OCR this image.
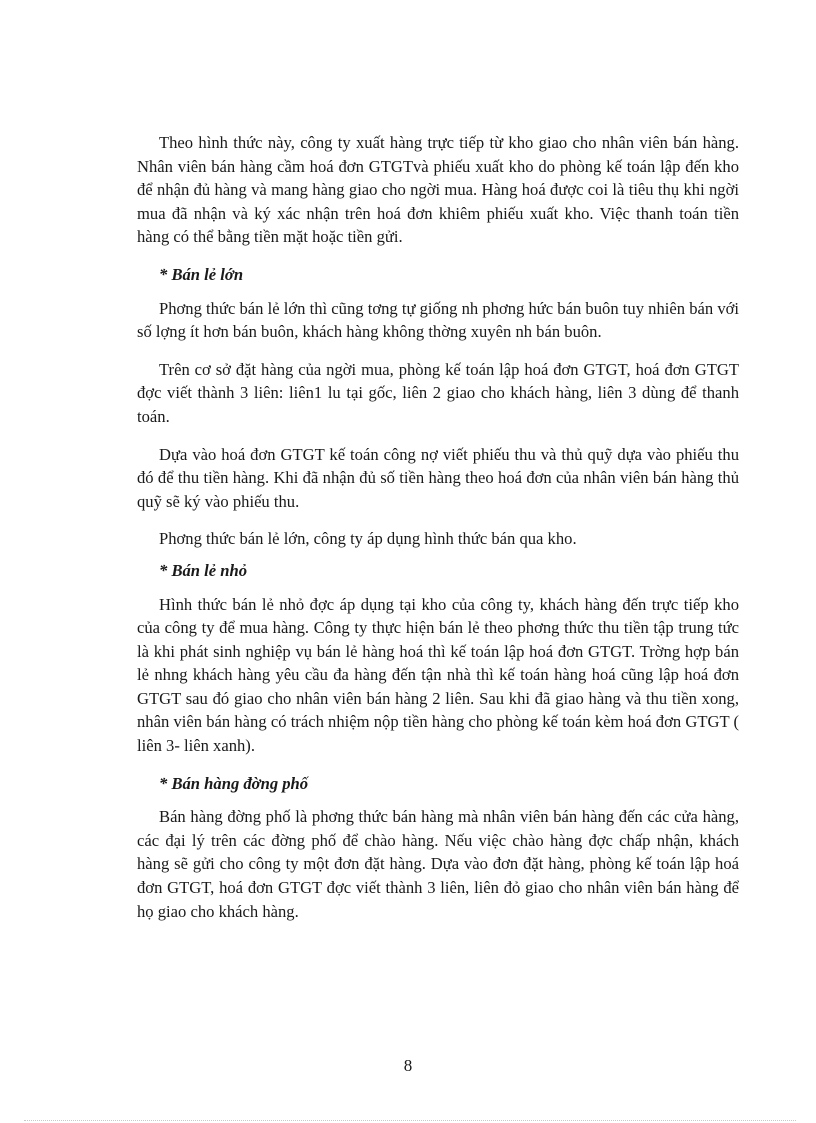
Theo hình thức này, công ty xuất hàng trực tiếp từ kho giao cho nhân viên bán hàng. Nhân viên bán hàng cầm hoá đơn GTGTvà phiếu xuất kho do phòng kế toán lập đến kho để nhận đủ hàng và mang hàng giao cho ngời mua. Hàng hoá được coi là tiêu thụ khi ngời mua đã nhận và ký xác nhận trên hoá đơn khiêm phiếu xuất kho. Việc thanh toán tiền hàng có thể bằng tiền mặt hoặc tiền gửi.

* Bán lẻ lớn

Phơng thức bán lẻ lớn thì cũng tơng tự giống nh phơng hức bán buôn tuy nhiên bán với số lợng ít hơn bán buôn, khách hàng không thờng xuyên nh bán buôn.

Trên cơ sở đặt hàng của ngời mua, phòng kế toán lập hoá đơn GTGT, hoá đơn GTGT đợc viết thành 3 liên: liên1 lu tại gốc, liên 2 giao cho khách hàng, liên 3 dùng để thanh toán.

Dựa vào hoá đơn GTGT kế toán công nợ viết phiếu thu và thủ quỹ dựa vào phiếu thu đó để thu tiền hàng. Khi đã nhận đủ số tiền hàng theo hoá đơn của nhân viên bán hàng thủ quỹ sẽ ký vào phiếu thu.

Phơng thức bán lẻ lớn, công ty áp dụng hình thức bán qua kho.

* Bán lẻ nhỏ

Hình thức bán lẻ nhỏ đợc áp dụng tại kho của công ty, khách hàng đến trực tiếp kho của công ty để mua hàng. Công ty thực hiện bán lẻ theo phơng thức thu tiền tập trung tức là khi phát sinh nghiệp vụ bán lẻ hàng hoá thì kế toán lập hoá đơn GTGT. Trờng hợp bán lẻ nhng khách hàng yêu cầu đa hàng đến tận nhà thì kế toán hàng hoá cũng lập hoá đơn GTGT sau đó giao cho nhân viên bán hàng 2 liên. Sau khi đã giao hàng và thu tiền xong, nhân viên bán hàng có trách nhiệm nộp tiền hàng cho phòng kế toán kèm hoá đơn GTGT ( liên 3- liên xanh).

* Bán hàng đờng phố

Bán hàng đờng phố là phơng thức bán hàng mà nhân viên bán hàng đến các cửa hàng, các đại lý trên các đờng phố để chào hàng. Nếu việc chào hàng đợc chấp nhận, khách hàng sẽ gửi cho công ty một đơn đặt hàng. Dựa vào đơn đặt hàng, phòng kế toán lập hoá đơn GTGT, hoá đơn GTGT đợc viết thành 3 liên, liên đỏ giao cho nhân viên bán hàng để họ giao cho khách hàng.

8
